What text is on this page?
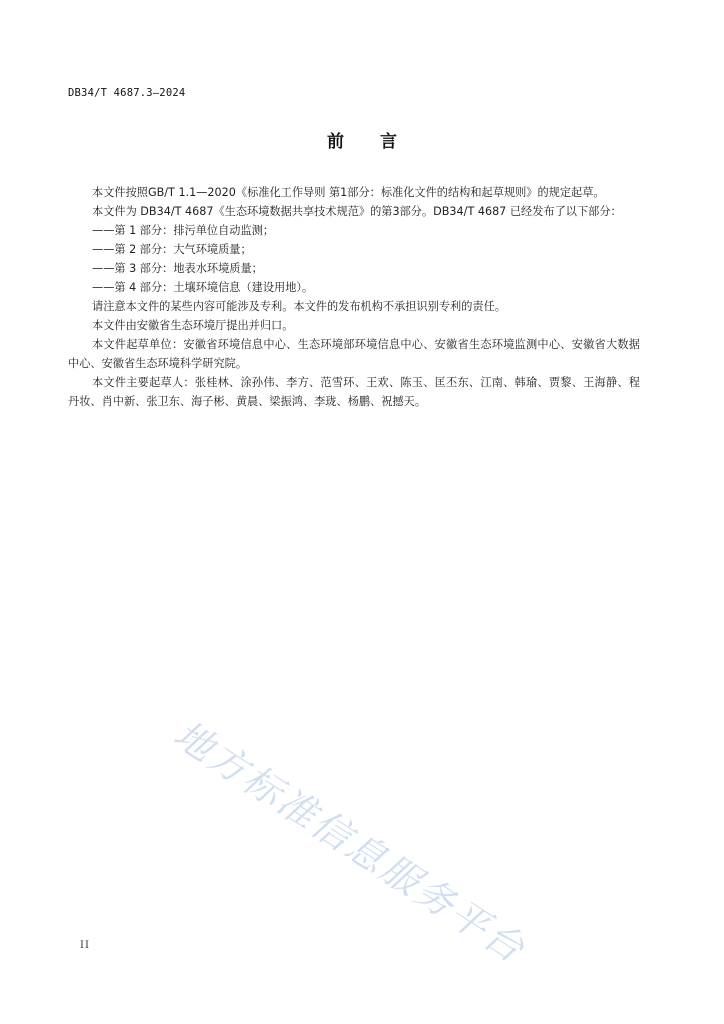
DB34/T 4687.3—2024
前 言

本文件按照GB/T 1.1—2020《标准化工作导则 第1部分：标准化文件的结构和起草规则》的规定起草。

本文件为 DB34/T 4687《生态环境数据共享技术规范》的第3部分。DB34/T 4687 已经发布了以下部分：

——第 1 部分：排污单位自动监测；

——第 2 部分：大气环境质量；

——第 3 部分：地表水环境质量；

——第 4 部分：土壤环境信息（建设用地）。

请注意本文件的某些内容可能涉及专利。本文件的发布机构不承担识别专利的责任。

本文件由安徽省生态环境厅提出并归口。

本文件起草单位：安徽省环境信息中心、生态环境部环境信息中心、安徽省生态环境监测中心、安徽省大数据中心、安徽省生态环境科学研究院。

本文件主要起草人：张桂林、涂孙伟、李方、范雪环、王欢、陈玉、匡丕东、江南、韩瑜、贾黎、王海静、程丹妆、肖中新、张卫东、海子彬、黄晨、梁振鸿、李珑、杨鹏、祝撼天。

地方标准信息服务平台
II
